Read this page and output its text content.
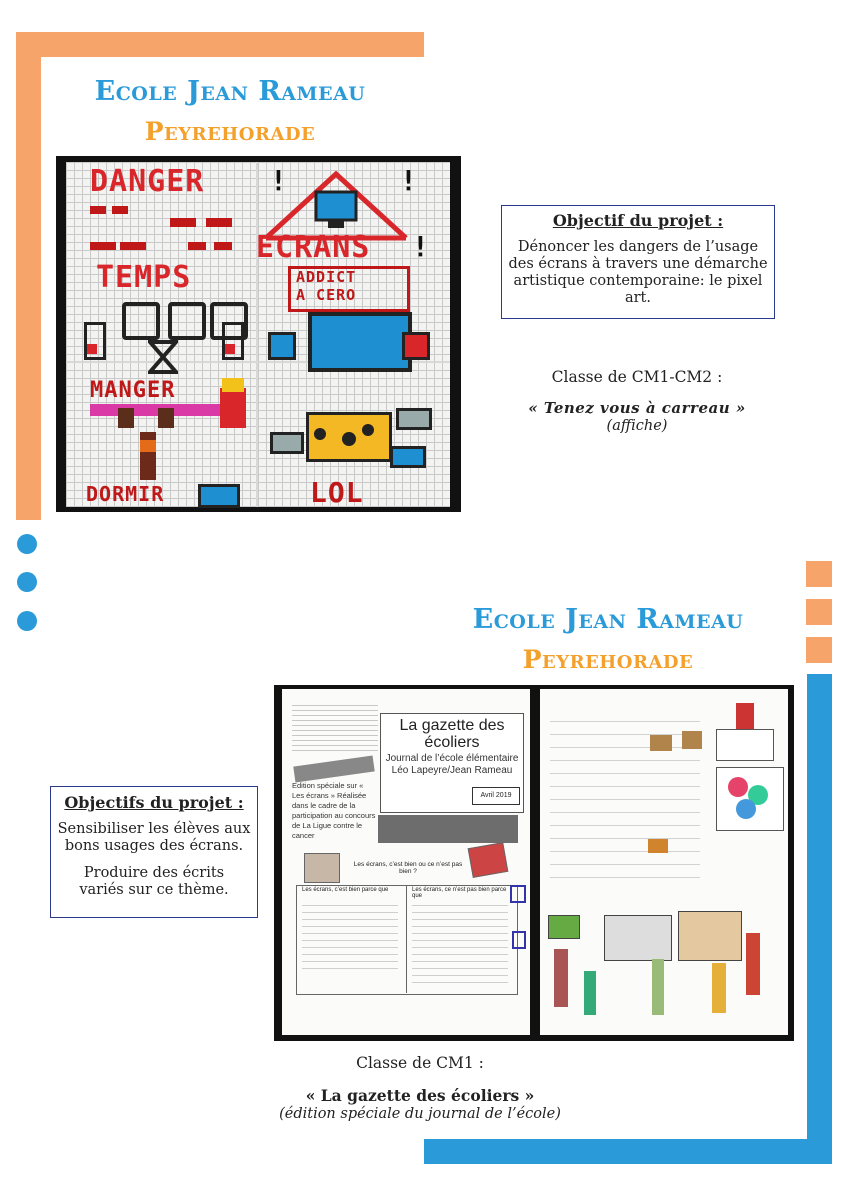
Ecole Jean Rameau
Peyrehorade
DANGER !	!
ECRANS !
TEMPS	ADDICT
A CERO
MANGER
DORMIR	LOL
Objectif du projet :

Dénoncer les dangers de l’usage des écrans à travers une démarche artistique contemporaine: le pixel art.

Classe de CM1-CM2 :
« Tenez vous à carreau »
(affiche)
Ecole Jean Rameau
Peyrehorade
Objectifs du projet :

Sensibiliser les élèves aux bons usages des écrans.

Produire des écrits variés sur ce thème.

La gazette des écoliers
Journal de l’école élémentaire Léo Lapeyre/Jean Rameau
Edition spéciale sur « Les écrans » Réalisée dans le cadre de la participation au concours de La Ligue contre le cancer
Avril 2019
Les écrans, c’est bien ou ce n’est pas bien ?
Les écrans, c’est bien parce que	Les écrans, ce n’est pas bien parce que
Classe de CM1 :
« La gazette des écoliers »
(édition spéciale du journal de l’école)
